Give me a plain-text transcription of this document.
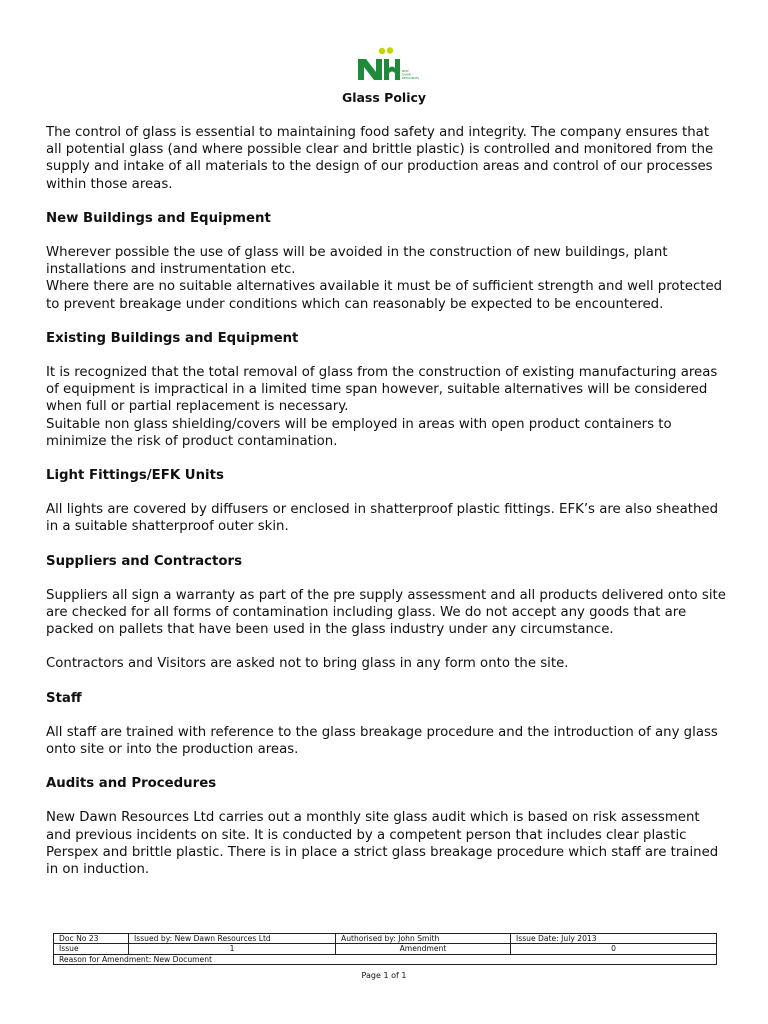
NEW
DAWN
RESOURCES
Glass Policy

The control of glass is essential to maintaining food safety and integrity. The company ensures that all potential glass (and where possible clear and brittle plastic) is controlled and monitored from the supply and intake of all materials to the design of our production areas and control of our processes within those areas.

New Buildings and Equipment

Wherever possible the use of glass will be avoided in the construction of new buildings, plant installations and instrumentation etc.

Where there are no suitable alternatives available it must be of sufficient strength and well protected to prevent breakage under conditions which can reasonably be expected to be encountered.

Existing Buildings and Equipment

It is recognized that the total removal of glass from the construction of existing manufacturing areas of equipment is impractical in a limited time span however, suitable alternatives will be considered when full or partial replacement is necessary.

Suitable non glass shielding/covers will be employed in areas with open product containers to minimize the risk of product contamination.

Light Fittings/EFK Units

All lights are covered by diffusers or enclosed in shatterproof plastic fittings. EFK’s are also sheathed in a suitable shatterproof outer skin.

Suppliers and Contractors

Suppliers all sign a warranty as part of the pre supply assessment and all products delivered onto site are checked for all forms of contamination including glass. We do not accept any goods that are packed on pallets that have been used in the glass industry under any circumstance.

Contractors and Visitors are asked not to bring glass in any form onto the site.

Staff

All staff are trained with reference to the glass breakage procedure and the introduction of any glass onto site or into the production areas.

Audits and Procedures

New Dawn Resources Ltd carries out a monthly site glass audit which is based on risk assessment and previous incidents on site. It is conducted by a competent person that includes clear plastic Perspex and brittle plastic. There is in place a strict glass breakage procedure which staff are trained in on induction.

Doc No 23	Issued by: New Dawn Resources Ltd	Authorised by: John Smith	Issue Date: July 2013
Issue	1	Amendment	0
Reason for Amendment: New Document			
Page 1 of 1
